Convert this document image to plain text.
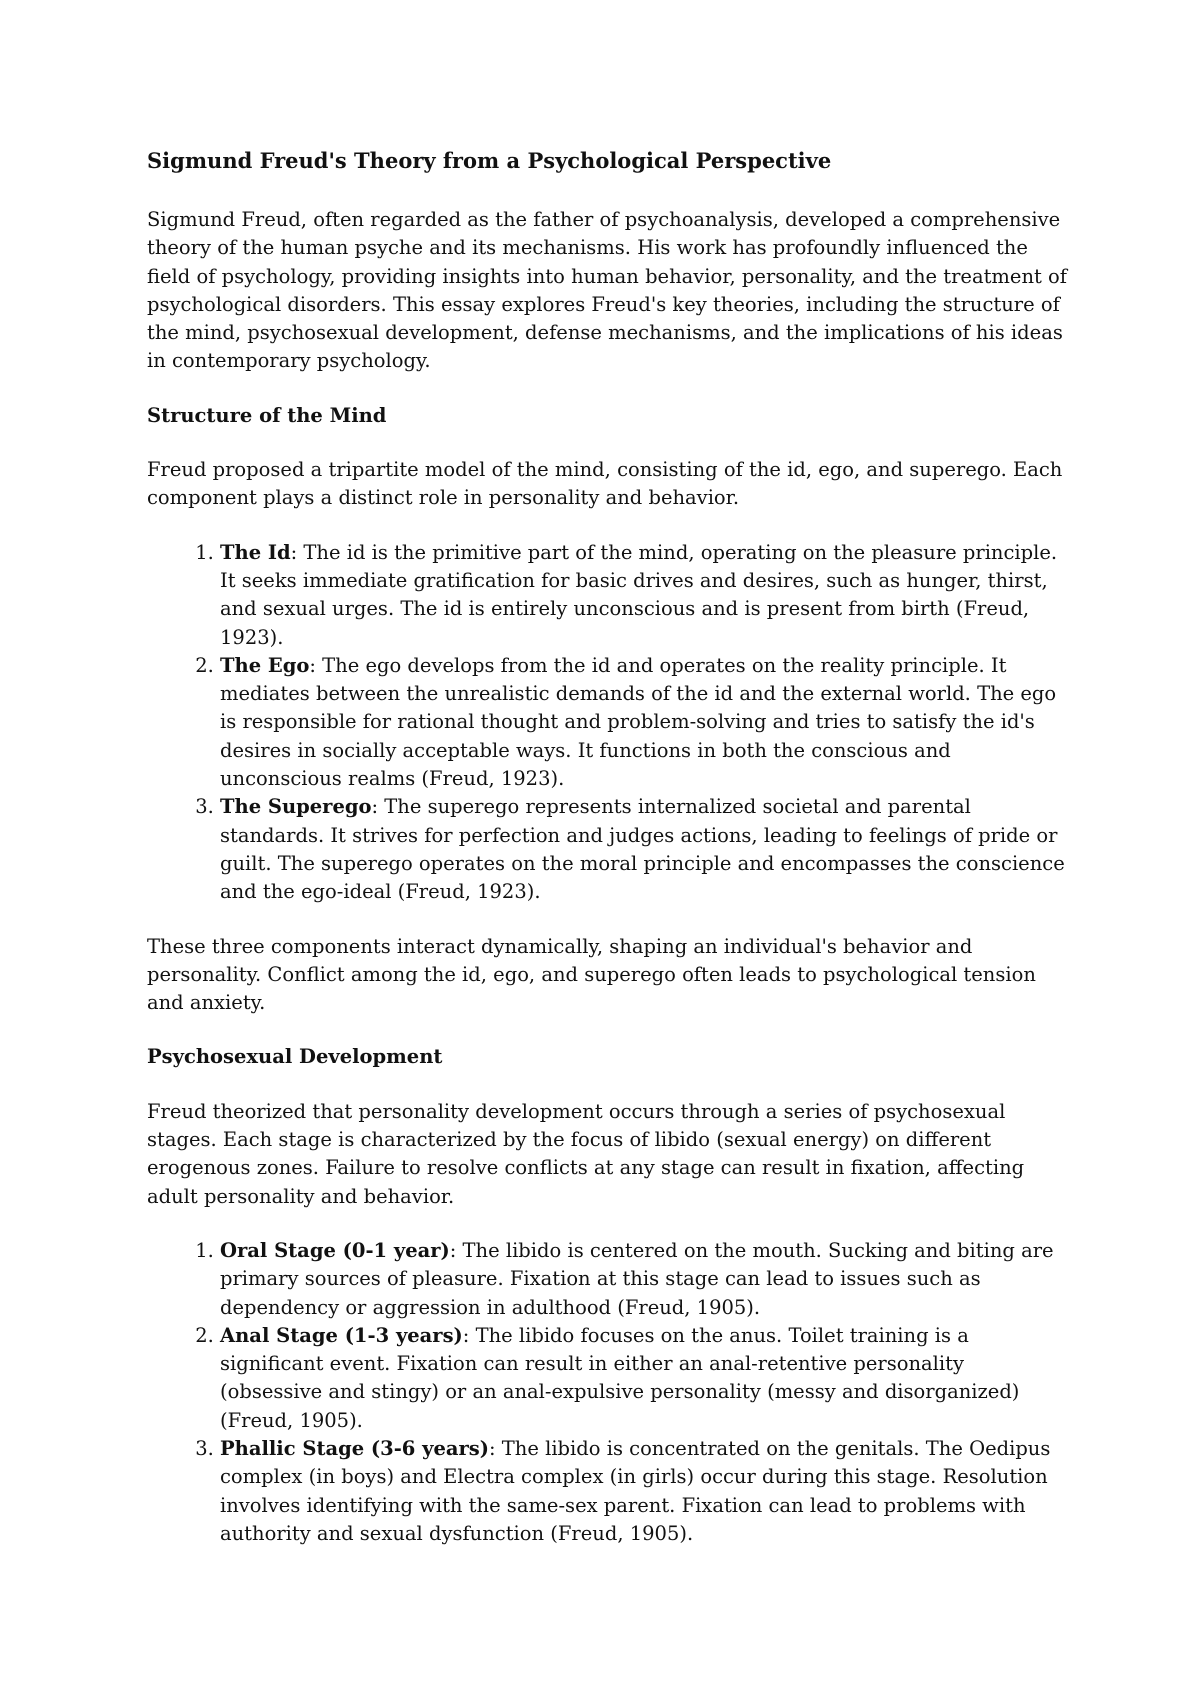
Sigmund Freud's Theory from a Psychological Perspective

Sigmund Freud, often regarded as the father of psychoanalysis, developed a comprehensive theory of the human psyche and its mechanisms. His work has profoundly influenced the field of psychology, providing insights into human behavior, personality, and the treatment of psychological disorders. This essay explores Freud's key theories, including the structure of the mind, psychosexual development, defense mechanisms, and the implications of his ideas in contemporary psychology.

Structure of the Mind

Freud proposed a tripartite model of the mind, consisting of the id, ego, and superego. Each component plays a distinct role in personality and behavior.

1. The Id: The id is the primitive part of the mind, operating on the pleasure principle. It seeks immediate gratification for basic drives and desires, such as hunger, thirst, and sexual urges. The id is entirely unconscious and is present from birth (Freud, 1923).
2. The Ego: The ego develops from the id and operates on the reality principle. It mediates between the unrealistic demands of the id and the external world. The ego is responsible for rational thought and problem-solving and tries to satisfy the id's desires in socially acceptable ways. It functions in both the conscious and unconscious realms (Freud, 1923).
3. The Superego: The superego represents internalized societal and parental standards. It strives for perfection and judges actions, leading to feelings of pride or guilt. The superego operates on the moral principle and encompasses the conscience and the ego-ideal (Freud, 1923).

These three components interact dynamically, shaping an individual's behavior and personality. Conflict among the id, ego, and superego often leads to psychological tension and anxiety.

Psychosexual Development

Freud theorized that personality development occurs through a series of psychosexual stages. Each stage is characterized by the focus of libido (sexual energy) on different erogenous zones. Failure to resolve conflicts at any stage can result in fixation, affecting adult personality and behavior.

1. Oral Stage (0-1 year): The libido is centered on the mouth. Sucking and biting are primary sources of pleasure. Fixation at this stage can lead to issues such as dependency or aggression in adulthood (Freud, 1905).
2. Anal Stage (1-3 years): The libido focuses on the anus. Toilet training is a significant event. Fixation can result in either an anal-retentive personality (obsessive and stingy) or an anal-expulsive personality (messy and disorganized) (Freud, 1905).
3. Phallic Stage (3-6 years): The libido is concentrated on the genitals. The Oedipus complex (in boys) and Electra complex (in girls) occur during this stage. Resolution involves identifying with the same-sex parent. Fixation can lead to problems with authority and sexual dysfunction (Freud, 1905).
